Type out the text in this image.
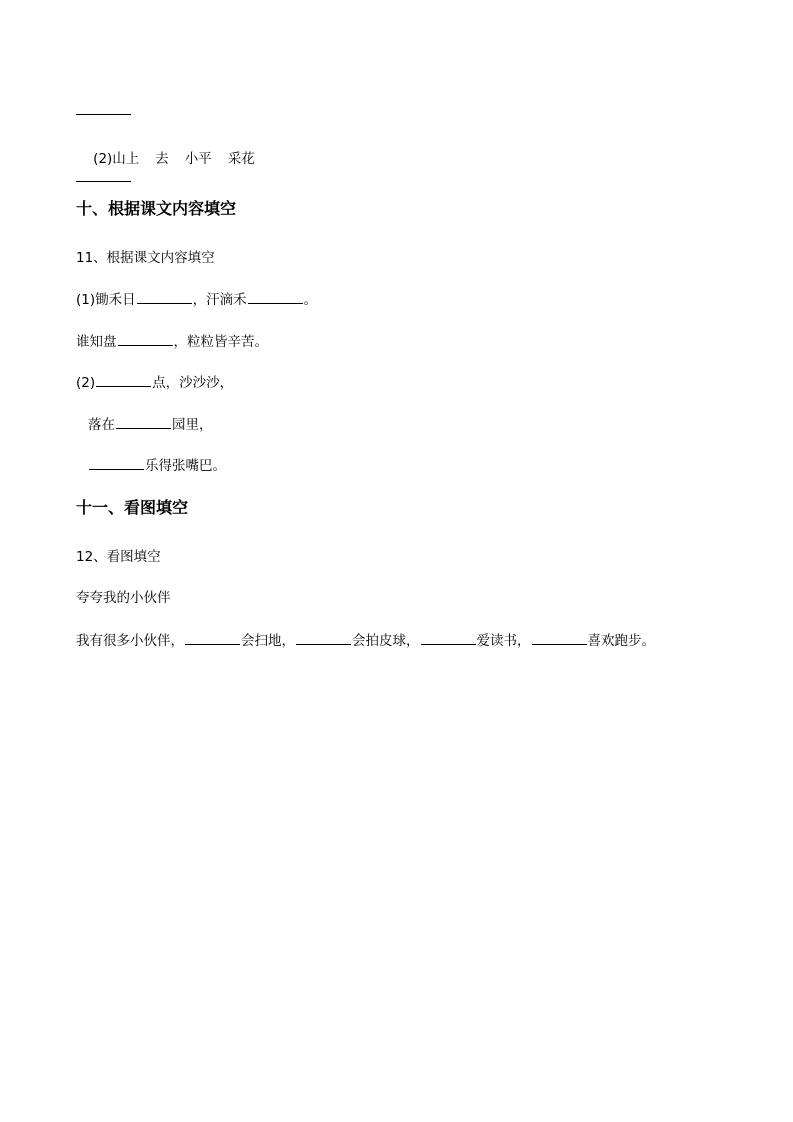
(2)山上 去 小平 采花

十、根据课文内容填空
11、根据课文内容填空
(1)锄禾日	，汗滴禾	。
谁知盘	，粒粒皆辛苦。
(2)	点，沙沙沙，
落在	园里，
乐得张嘴巴。
十一、看图填空
12、看图填空
夸夸我的小伙伴
我有很多小伙伴，	会扫地，	会拍皮球，	爱读书，	喜欢跑步。
